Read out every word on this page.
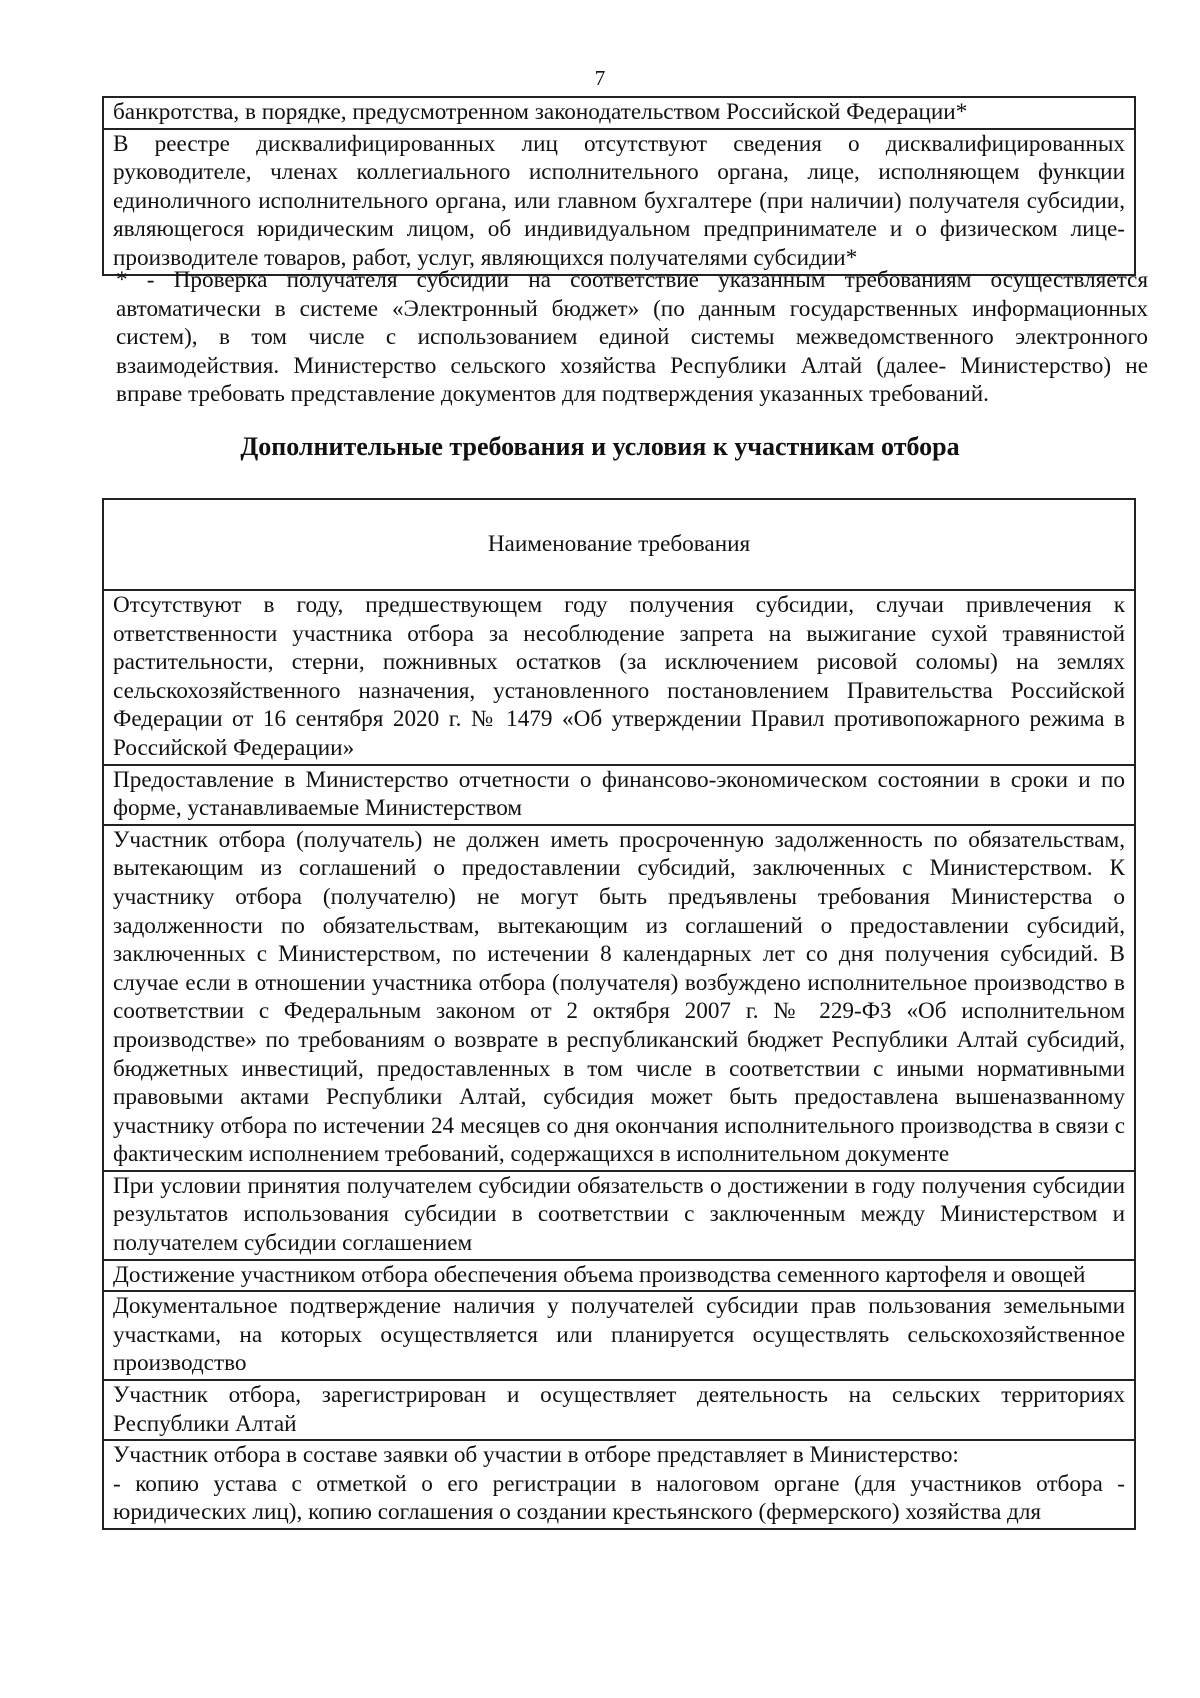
7
банкротства, в порядке, предусмотренном законодательством Российской Федерации*
В реестре дисквалифицированных лиц отсутствуют сведения о дисквалифицированных руководителе, членах коллегиального исполнительного органа, лице, исполняющем функции единоличного исполнительного органа, или главном бухгалтере (при наличии) получателя субсидии, являющегося юридическим лицом, об индивидуальном предпринимателе и о физическом лице-производителе товаров, работ, услуг, являющихся получателями субсидии*
* - Проверка получателя субсидии на соответствие указанным требованиям осуществляется автоматически в системе «Электронный бюджет» (по данным государственных информационных систем), в том числе с использованием единой системы межведомственного электронного взаимодействия. Министерство сельского хозяйства Республики Алтай (далее- Министерство) не вправе требовать представление документов для подтверждения указанных требований.
Дополнительные требования и условия к участникам отбора
Наименование требования
Отсутствуют в году, предшествующем году получения субсидии, случаи привлечения к ответственности участника отбора за несоблюдение запрета на выжигание сухой травянистой растительности, стерни, пожнивных остатков (за исключением рисовой соломы) на землях сельскохозяйственного назначения, установленного постановлением Правительства Российской Федерации от 16 сентября 2020 г. № 1479 «Об утверждении Правил противопожарного режима в Российской Федерации»
Предоставление в Министерство отчетности о финансово-экономическом состоянии в сроки и по форме, устанавливаемые Министерством
Участник отбора (получатель) не должен иметь просроченную задолженность по обязательствам, вытекающим из соглашений о предоставлении субсидий, заключенных с Министерством. К участнику отбора (получателю) не могут быть предъявлены требования Министерства о задолженности по обязательствам, вытекающим из соглашений о предоставлении субсидий, заключенных с Министерством, по истечении 8 календарных лет со дня получения субсидий. В случае если в отношении участника отбора (получателя) возбуждено исполнительное производство в соответствии с Федеральным законом от 2 октября 2007 г. № 229-ФЗ «Об исполнительном производстве» по требованиям о возврате в республиканский бюджет Республики Алтай субсидий, бюджетных инвестиций, предоставленных в том числе в соответствии с иными нормативными правовыми актами Республики Алтай, субсидия может быть предоставлена вышеназванному участнику отбора по истечении 24 месяцев со дня окончания исполнительного производства в связи с фактическим исполнением требований, содержащихся в исполнительном документе
При условии принятия получателем субсидии обязательств о достижении в году получения субсидии результатов использования субсидии в соответствии с заключенным между Министерством и получателем субсидии соглашением
Достижение участником отбора обеспечения объема производства семенного картофеля и овощей
Документальное подтверждение наличия у получателей субсидии прав пользования земельными участками, на которых осуществляется или планируется осуществлять сельскохозяйственное производство
Участник отбора, зарегистрирован и осуществляет деятельность на сельских территориях Республики Алтай

Участник отбора в составе заявки об участии в отборе представляет в Министерство:

- копию устава с отметкой о его регистрации в налоговом органе (для участников отбора - юридических лиц), копию соглашения о создании крестьянского (фермерского) хозяйства для
